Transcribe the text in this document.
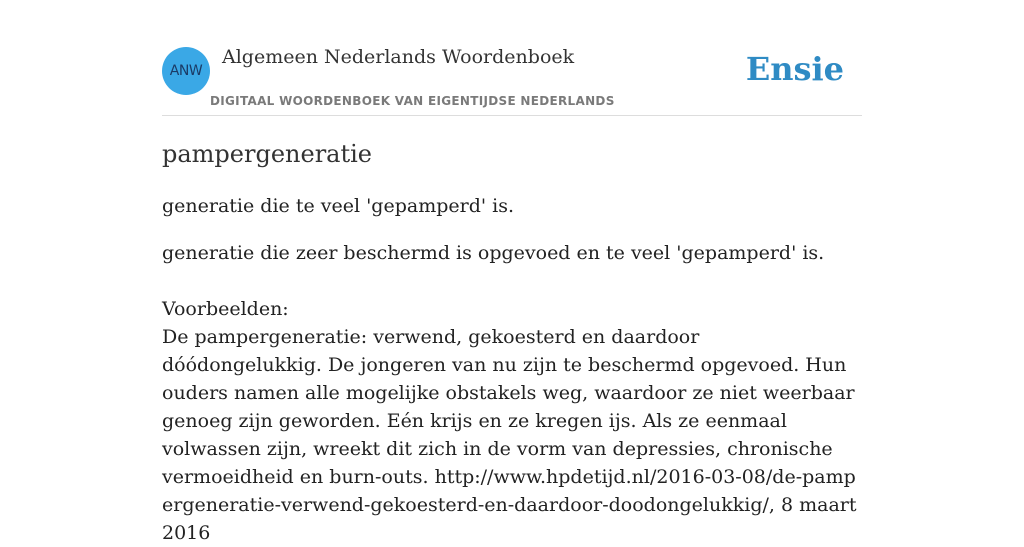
ANW
Algemeen Nederlands Woordenboek
DIGITAAL WOORDENBOEK VAN EIGENTIJDSE NEDERLANDS
Ensie
pampergeneratie

generatie die te veel 'gepamperd' is.

generatie die zeer beschermd is opgevoed en te veel 'gepamperd' is.

Voorbeelden:
De pampergeneratie: verwend, gekoesterd en daardoor dóódongelukkig. De jongeren van nu zijn te beschermd opgevoed. Hun ouders namen alle mogelijke obstakels weg, waardoor ze niet weerbaar genoeg zijn geworden. Eén krijs en ze kregen ijs. Als ze eenmaal volwassen zijn, wreekt dit zich in de vorm van depressies, chronische vermoeidheid en burn-outs. http://www.hpdetijd.nl/2016-03-08/de-pampergeneratie-verwend-gekoesterd-en-daardoor-doodongelukkig/, 8 maart 2016
